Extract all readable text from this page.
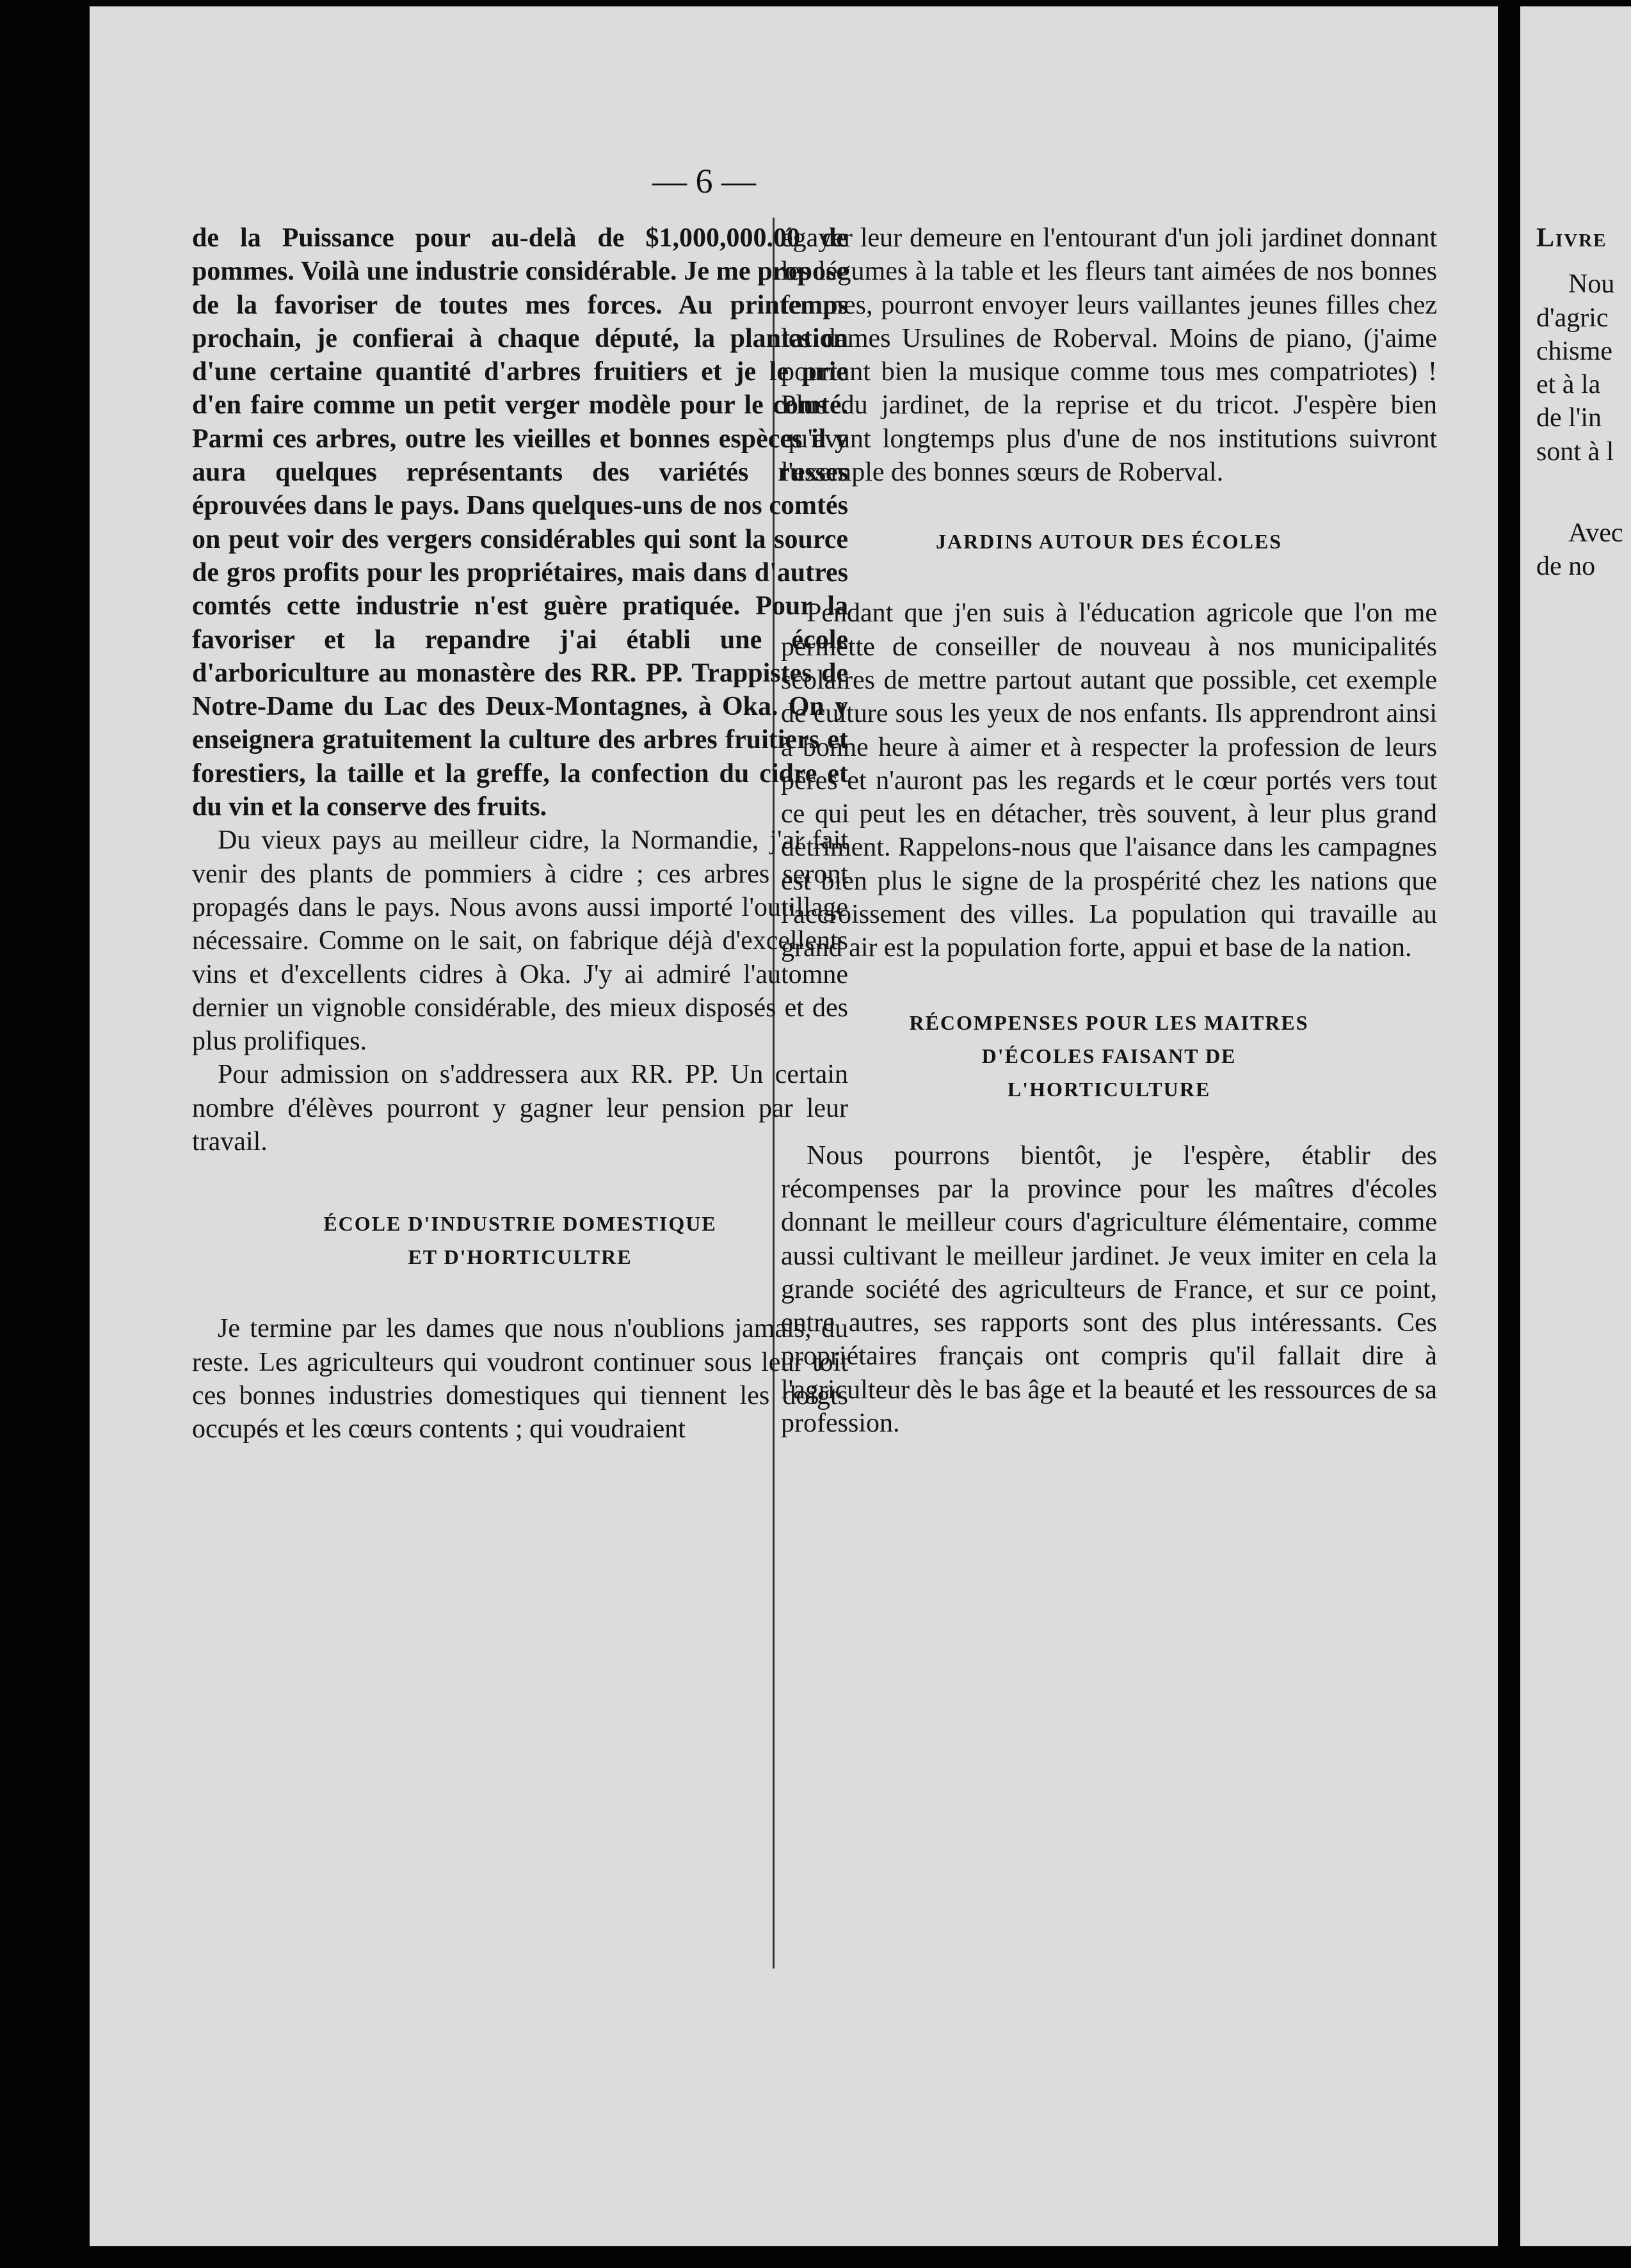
— 6 —

de la Puissance pour au-delà de $1,000,000.00 de pommes. Voilà une industrie considérable. Je me propose de la favoriser de toutes mes forces. Au printemps prochain, je confierai à chaque député, la plantation d'une certaine quantité d'arbres fruitiers et je le prie d'en faire comme un petit verger modèle pour le comté. Parmi ces arbres, outre les vieilles et bonnes espèces il y aura quelques représentants des variétés russes éprouvées dans le pays. Dans quelques-uns de nos comtés on peut voir des vergers considérables qui sont la source de gros profits pour les propriétaires, mais dans d'autres comtés cette industrie n'est guère pratiquée. Pour la favoriser et la repandre j'ai établi une école d'arboriculture au monastère des RR. PP. Trappistes de Notre-Dame du Lac des Deux-Montagnes, à Oka. On y enseignera gratuitement la culture des arbres fruitiers et forestiers, la taille et la greffe, la confection du cidre et du vin et la conserve des fruits.

Du vieux pays au meilleur cidre, la Normandie, j'ai fait venir des plants de pommiers à cidre ; ces arbres seront propagés dans le pays. Nous avons aussi importé l'outillage nécessaire. Comme on le sait, on fabrique déjà d'excellents vins et d'excellents cidres à Oka. J'y ai admiré l'automne dernier un vignoble considérable, des mieux disposés et des plus prolifiques.

Pour admission on s'addressera aux RR. PP. Un certain nombre d'élèves pourront y gagner leur pension par leur travail.

ÉCOLE D'INDUSTRIE DOMESTIQUE

ET D'HORTICULTRE

Je termine par les dames que nous n'oublions jamais, du reste. Les agriculteurs qui voudront continuer sous leur toit ces bonnes industries domestiques qui tiennent les doigts occupés et les cœurs contents ; qui voudraient

égayer leur demeure en l'entourant d'un joli jardinet donnant les légumes à la table et les fleurs tant aimées de nos bonnes femmes, pourront envoyer leurs vaillantes jeunes filles chez les dames Ursulines de Roberval. Moins de piano, (j'aime pourtant bien la musique comme tous mes compatriotes) ! Plus du jardinet, de la reprise et du tricot. J'espère bien qu'avant longtemps plus d'une de nos institutions suivront l'exemple des bonnes sœurs de Roberval.

JARDINS AUTOUR DES ÉCOLES

Pendant que j'en suis à l'éducation agricole que l'on me permette de conseiller de nouveau à nos municipalités scolaires de mettre partout autant que possible, cet exemple de culture sous les yeux de nos enfants. Ils apprendront ainsi à bonne heure à aimer et à respecter la profession de leurs pères et n'auront pas les regards et le cœur portés vers tout ce qui peut les en détacher, très souvent, à leur plus grand détriment. Rappelons-nous que l'aisance dans les campagnes est bien plus le signe de la prospérité chez les nations que l'accroissement des villes. La population qui travaille au grand air est la population forte, appui et base de la nation.

RÉCOMPENSES POUR LES MAITRES

D'ÉCOLES FAISANT DE

L'HORTICULTURE

Nous pourrons bientôt, je l'espère, établir des récompenses par la province pour les maîtres d'écoles donnant le meilleur cours d'agriculture élémentaire, comme aussi cultivant le meilleur jardinet. Je veux imiter en cela la grande société des agriculteurs de France, et sur ce point, entre autres, ses rapports sont des plus intéressants. Ces propriétaires français ont compris qu'il fallait dire à l'agriculteur dès le bas âge et la beauté et les ressources de sa profession.

Livre

Nou

d'agric

chisme

et à la

de l'in

sont à l

Avec

de no
